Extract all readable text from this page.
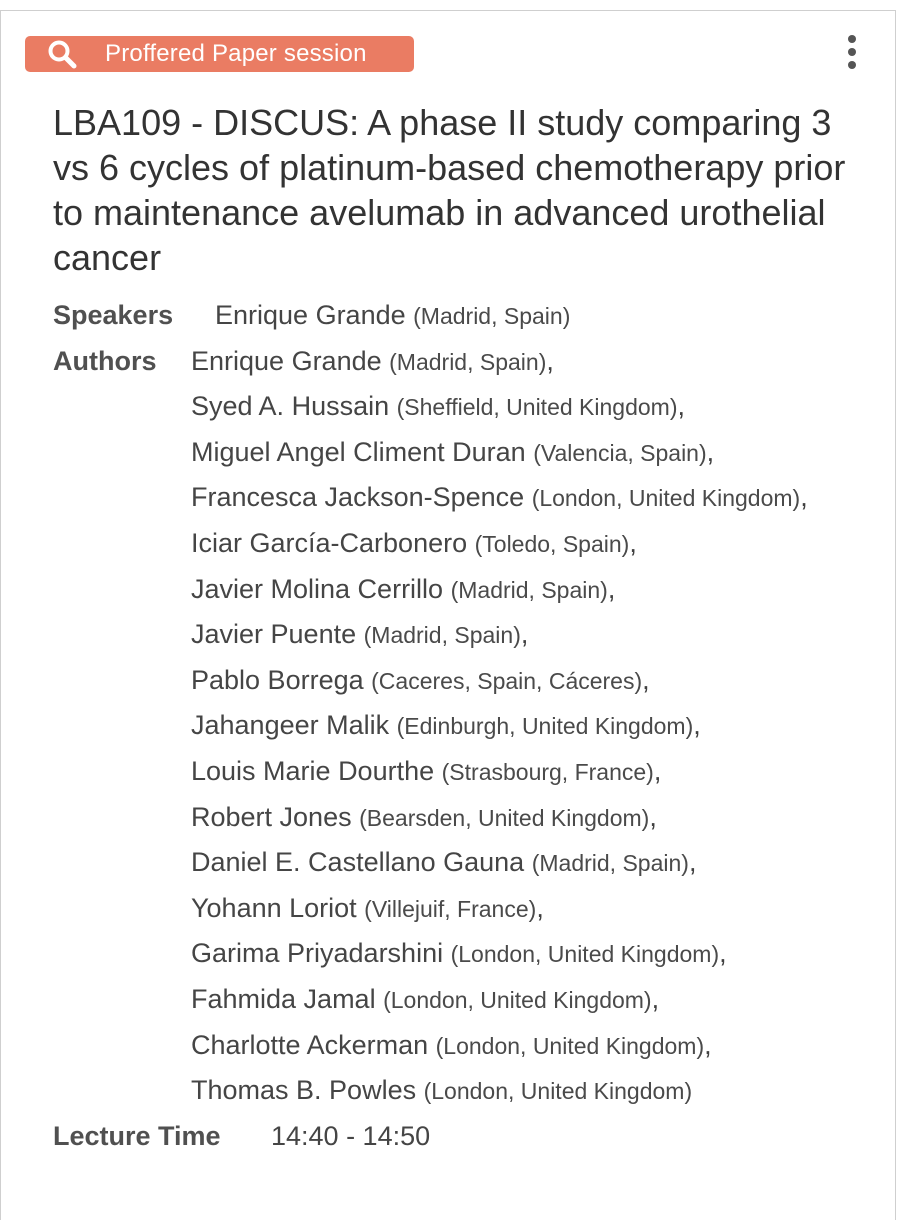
Proffered Paper session
LBA109 - DISCUS: A phase II study comparing 3 vs 6 cycles of platinum-based chemotherapy prior to maintenance avelumab in advanced urothelial cancer
Speakers	Enrique Grande (Madrid, Spain)
Authors	Enrique Grande (Madrid, Spain),
Syed A. Hussain (Sheffield, United Kingdom),
Miguel Angel Climent Duran (Valencia, Spain),
Francesca Jackson-Spence (London, United Kingdom),
Iciar García-Carbonero (Toledo, Spain),
Javier Molina Cerrillo (Madrid, Spain),
Javier Puente (Madrid, Spain),
Pablo Borrega (Caceres, Spain, Cáceres),
Jahangeer Malik (Edinburgh, United Kingdom),
Louis Marie Dourthe (Strasbourg, France),
Robert Jones (Bearsden, United Kingdom),
Daniel E. Castellano Gauna (Madrid, Spain),
Yohann Loriot (Villejuif, France),
Garima Priyadarshini (London, United Kingdom),
Fahmida Jamal (London, United Kingdom),
Charlotte Ackerman (London, United Kingdom),
Thomas B. Powles (London, United Kingdom)
Lecture Time	14:40 - 14:50
